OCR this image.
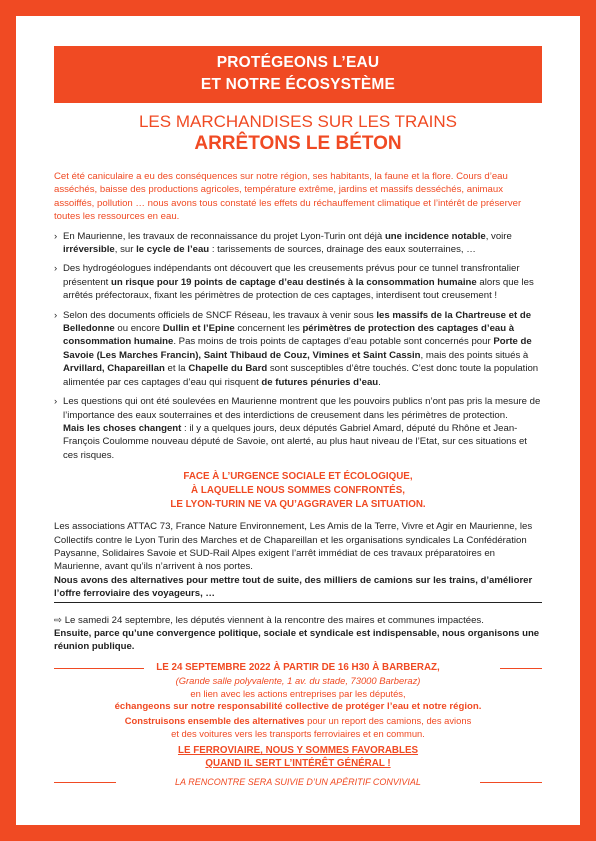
PROTÉGEONS L’EAU
ET NOTRE ÉCOSYSTÈME
LES MARCHANDISES SUR LES TRAINS
ARRÊTONS LE BÉTON
Cet été caniculaire a eu des conséquences sur notre région, ses habitants, la faune et la flore. Cours d’eau asséchés, baisse des productions agricoles, température extrême, jardins et massifs desséchés, animaux assoiffés, pollution … nous avons tous constaté les effets du réchauffement climatique et l’intérêt de préserver toutes les ressources en eau.
› En Maurienne, les travaux de reconnaissance du projet Lyon-Turin ont déjà une incidence notable, voire irréversible, sur le cycle de l’eau : tarissements de sources, drainage des eaux souterraines, …
› Des hydrogéologues indépendants ont découvert que les creusements prévus pour ce tunnel transfrontalier présentent un risque pour 19 points de captage d’eau destinés à la consommation humaine alors que les arrêtés préfectoraux, fixant les périmètres de protection de ces captages, interdisent tout creusement !
› Selon des documents officiels de SNCF Réseau, les travaux à venir sous les massifs de la Chartreuse et de Belledonne ou encore Dullin et l’Epine concernent les périmètres de protection des captages d’eau à consommation humaine. Pas moins de trois points de captages d’eau potable sont concernés pour Porte de Savoie (Les Marches Francin), Saint Thibaud de Couz, Vimines et Saint Cassin, mais des points situés à Arvillard, Chapareillan et la Chapelle du Bard sont susceptibles d’être touchés. C’est donc toute la population alimentée par ces captages d’eau qui risquent de futures pénuries d’eau.
› Les questions qui ont été soulevées en Maurienne montrent que les pouvoirs publics n’ont pas pris la mesure de l’importance des eaux souterraines et des interdictions de creusement dans les périmètres de protection.
Mais les choses changent : il y a quelques jours, deux députés Gabriel Amard, député du Rhône et Jean-François Coulomme nouveau député de Savoie, ont alerté, au plus haut niveau de l’Etat, sur ces situations et ces risques.
FACE À L’URGENCE SOCIALE ET ÉCOLOGIQUE,
À LAQUELLE NOUS SOMMES CONFRONTÉS,
LE LYON-TURIN NE VA QU’AGGRAVER LA SITUATION.
Les associations ATTAC 73, France Nature Environnement, Les Amis de la Terre, Vivre et Agir en Maurienne, les Collectifs contre le Lyon Turin des Marches et de Chapareillan et les organisations syndicales La Confédération Paysanne, Solidaires Savoie et SUD-Rail Alpes exigent l’arrêt immédiat de ces travaux préparatoires en Maurienne, avant qu’ils n’arrivent à nos portes.
Nous avons des alternatives pour mettre tout de suite, des milliers de camions sur les trains, d’améliorer l’offre ferroviaire des voyageurs, …
⇨ Le samedi 24 septembre, les députés viennent à la rencontre des maires et communes impactées.
Ensuite, parce qu’une convergence politique, sociale et syndicale est indispensable, nous organisons une réunion publique.
LE 24 SEPTEMBRE 2022 À PARTIR DE 16 H30 À BARBERAZ,
(Grande salle polyvalente, 1 av. du stade, 73000 Barberaz)
en lien avec les actions entreprises par les députés,
échangeons sur notre responsabilité collective de protéger l’eau et notre région.
Construisons ensemble des alternatives pour un report des camions, des avions
et des voitures vers les transports ferroviaires et en commun.
LE FERROVIAIRE, NOUS Y SOMMES FAVORABLES
QUAND IL SERT L’INTÉRÊT GÉNÉRAL !
LA RENCONTRE SERA SUIVIE D’UN APÉRITIF CONVIVIAL
